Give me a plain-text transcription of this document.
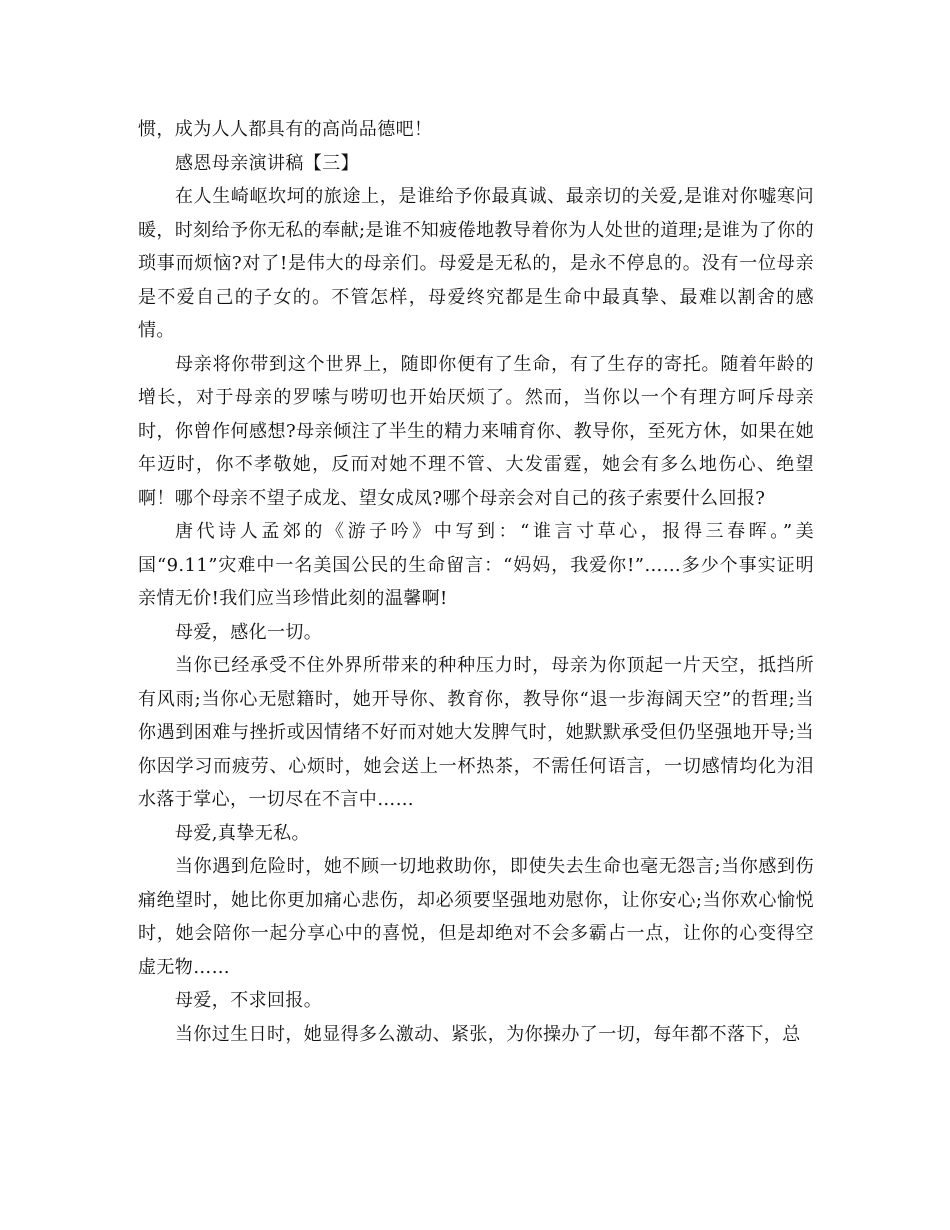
惯，成为人人都具有的高尚品德吧！

感恩母亲演讲稿【三】

在人生崎岖坎坷的旅途上，是谁给予你最真诚、最亲切的关爱,是谁对你嘘寒问暖，时刻给予你无私的奉献;是谁不知疲倦地教导着你为人处世的道理;是谁为了你的琐事而烦恼?对了!是伟大的母亲们。母爱是无私的，是永不停息的。没有一位母亲是不爱自己的子女的。不管怎样，母爱终究都是生命中最真挚、最难以割舍的感情。

母亲将你带到这个世界上，随即你便有了生命，有了生存的寄托。随着年龄的增长，对于母亲的罗嗦与唠叨也开始厌烦了。然而，当你以一个有理方呵斥母亲时，你曾作何感想?母亲倾注了半生的精力来哺育你、教导你，至死方休，如果在她年迈时，你不孝敬她，反而对她不理不管、大发雷霆，她会有多么地伤心、绝望啊！哪个母亲不望子成龙、望女成凤?哪个母亲会对自己的孩子索要什么回报?

唐代诗人孟郊的《游子吟》中写到：“谁言寸草心，报得三春晖。”美国“9.11”灾难中一名美国公民的生命留言：“妈妈，我爱你!”……多少个事实证明亲情无价!我们应当珍惜此刻的温馨啊!

母爱，感化一切。

当你已经承受不住外界所带来的种种压力时，母亲为你顶起一片天空，抵挡所有风雨;当你心无慰籍时，她开导你、教育你，教导你“退一步海阔天空”的哲理;当你遇到困难与挫折或因情绪不好而对她大发脾气时，她默默承受但仍坚强地开导;当你因学习而疲劳、心烦时，她会送上一杯热茶，不需任何语言，一切感情均化为泪水落于掌心，一切尽在不言中……

母爱,真挚无私。

当你遇到危险时，她不顾一切地救助你，即使失去生命也毫无怨言;当你感到伤痛绝望时，她比你更加痛心悲伤，却必须要坚强地劝慰你，让你安心;当你欢心愉悦时，她会陪你一起分享心中的喜悦，但是却绝对不会多霸占一点，让你的心变得空虚无物……

母爱，不求回报。

当你过生日时，她显得多么激动、紧张，为你操办了一切，每年都不落下，总
